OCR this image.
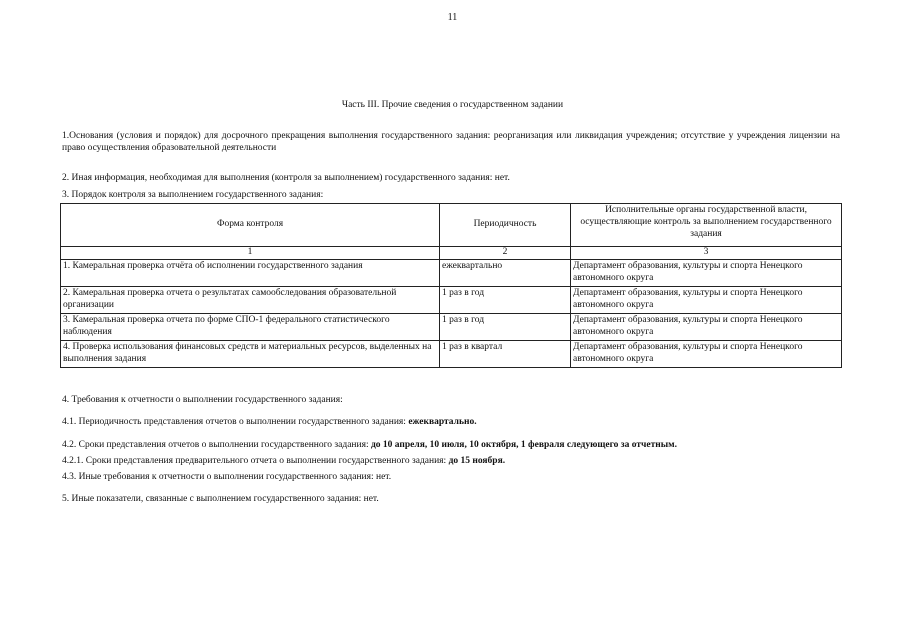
11
Часть III. Прочие сведения о государственном задании

1.Основания (условия и порядок) для досрочного прекращения выполнения государственного задания: реорганизация или ликвидация учреждения; отсутствие у учреждения лицензии на право осуществления образовательной деятельности

2. Иная информация, необходимая для выполнения (контроля за выполнением) государственного задания: нет.

3. Порядок контроля за выполнением государственного задания:

Форма контроля	Периодичность	Исполнительные органы государственной власти, осуществляющие контроль за выполнением государственного задания
1	2	3
1. Камеральная проверка отчёта об исполнении государственного задания	ежеквартально	Департамент образования, культуры и спорта Ненецкого автономного округа
2. Камеральная проверка отчета о результатах самообследования образовательной организации	1 раз в год	Департамент образования, культуры и спорта Ненецкого автономного округа
3. Камеральная проверка отчета по форме СПО-1 федерального статистического наблюдения	1 раз в год	Департамент образования, культуры и спорта Ненецкого автономного округа
4. Проверка использования финансовых средств и материальных ресурсов, выделенных на выполнения задания	1 раз в квартал	Департамент образования, культуры и спорта Ненецкого автономного округа

4. Требования к отчетности о выполнении государственного задания:

4.1. Периодичность представления отчетов о выполнении государственного задания: ежеквартально.

4.2. Сроки представления отчетов о выполнении государственного задания: до 10 апреля, 10 июля, 10 октября, 1 февраля следующего за отчетным.

4.2.1. Сроки представления предварительного отчета о выполнении государственного задания: до 15 ноября.

4.3. Иные требования к отчетности о выполнении государственного задания: нет.

5. Иные показатели, связанные с выполнением государственного задания: нет.
